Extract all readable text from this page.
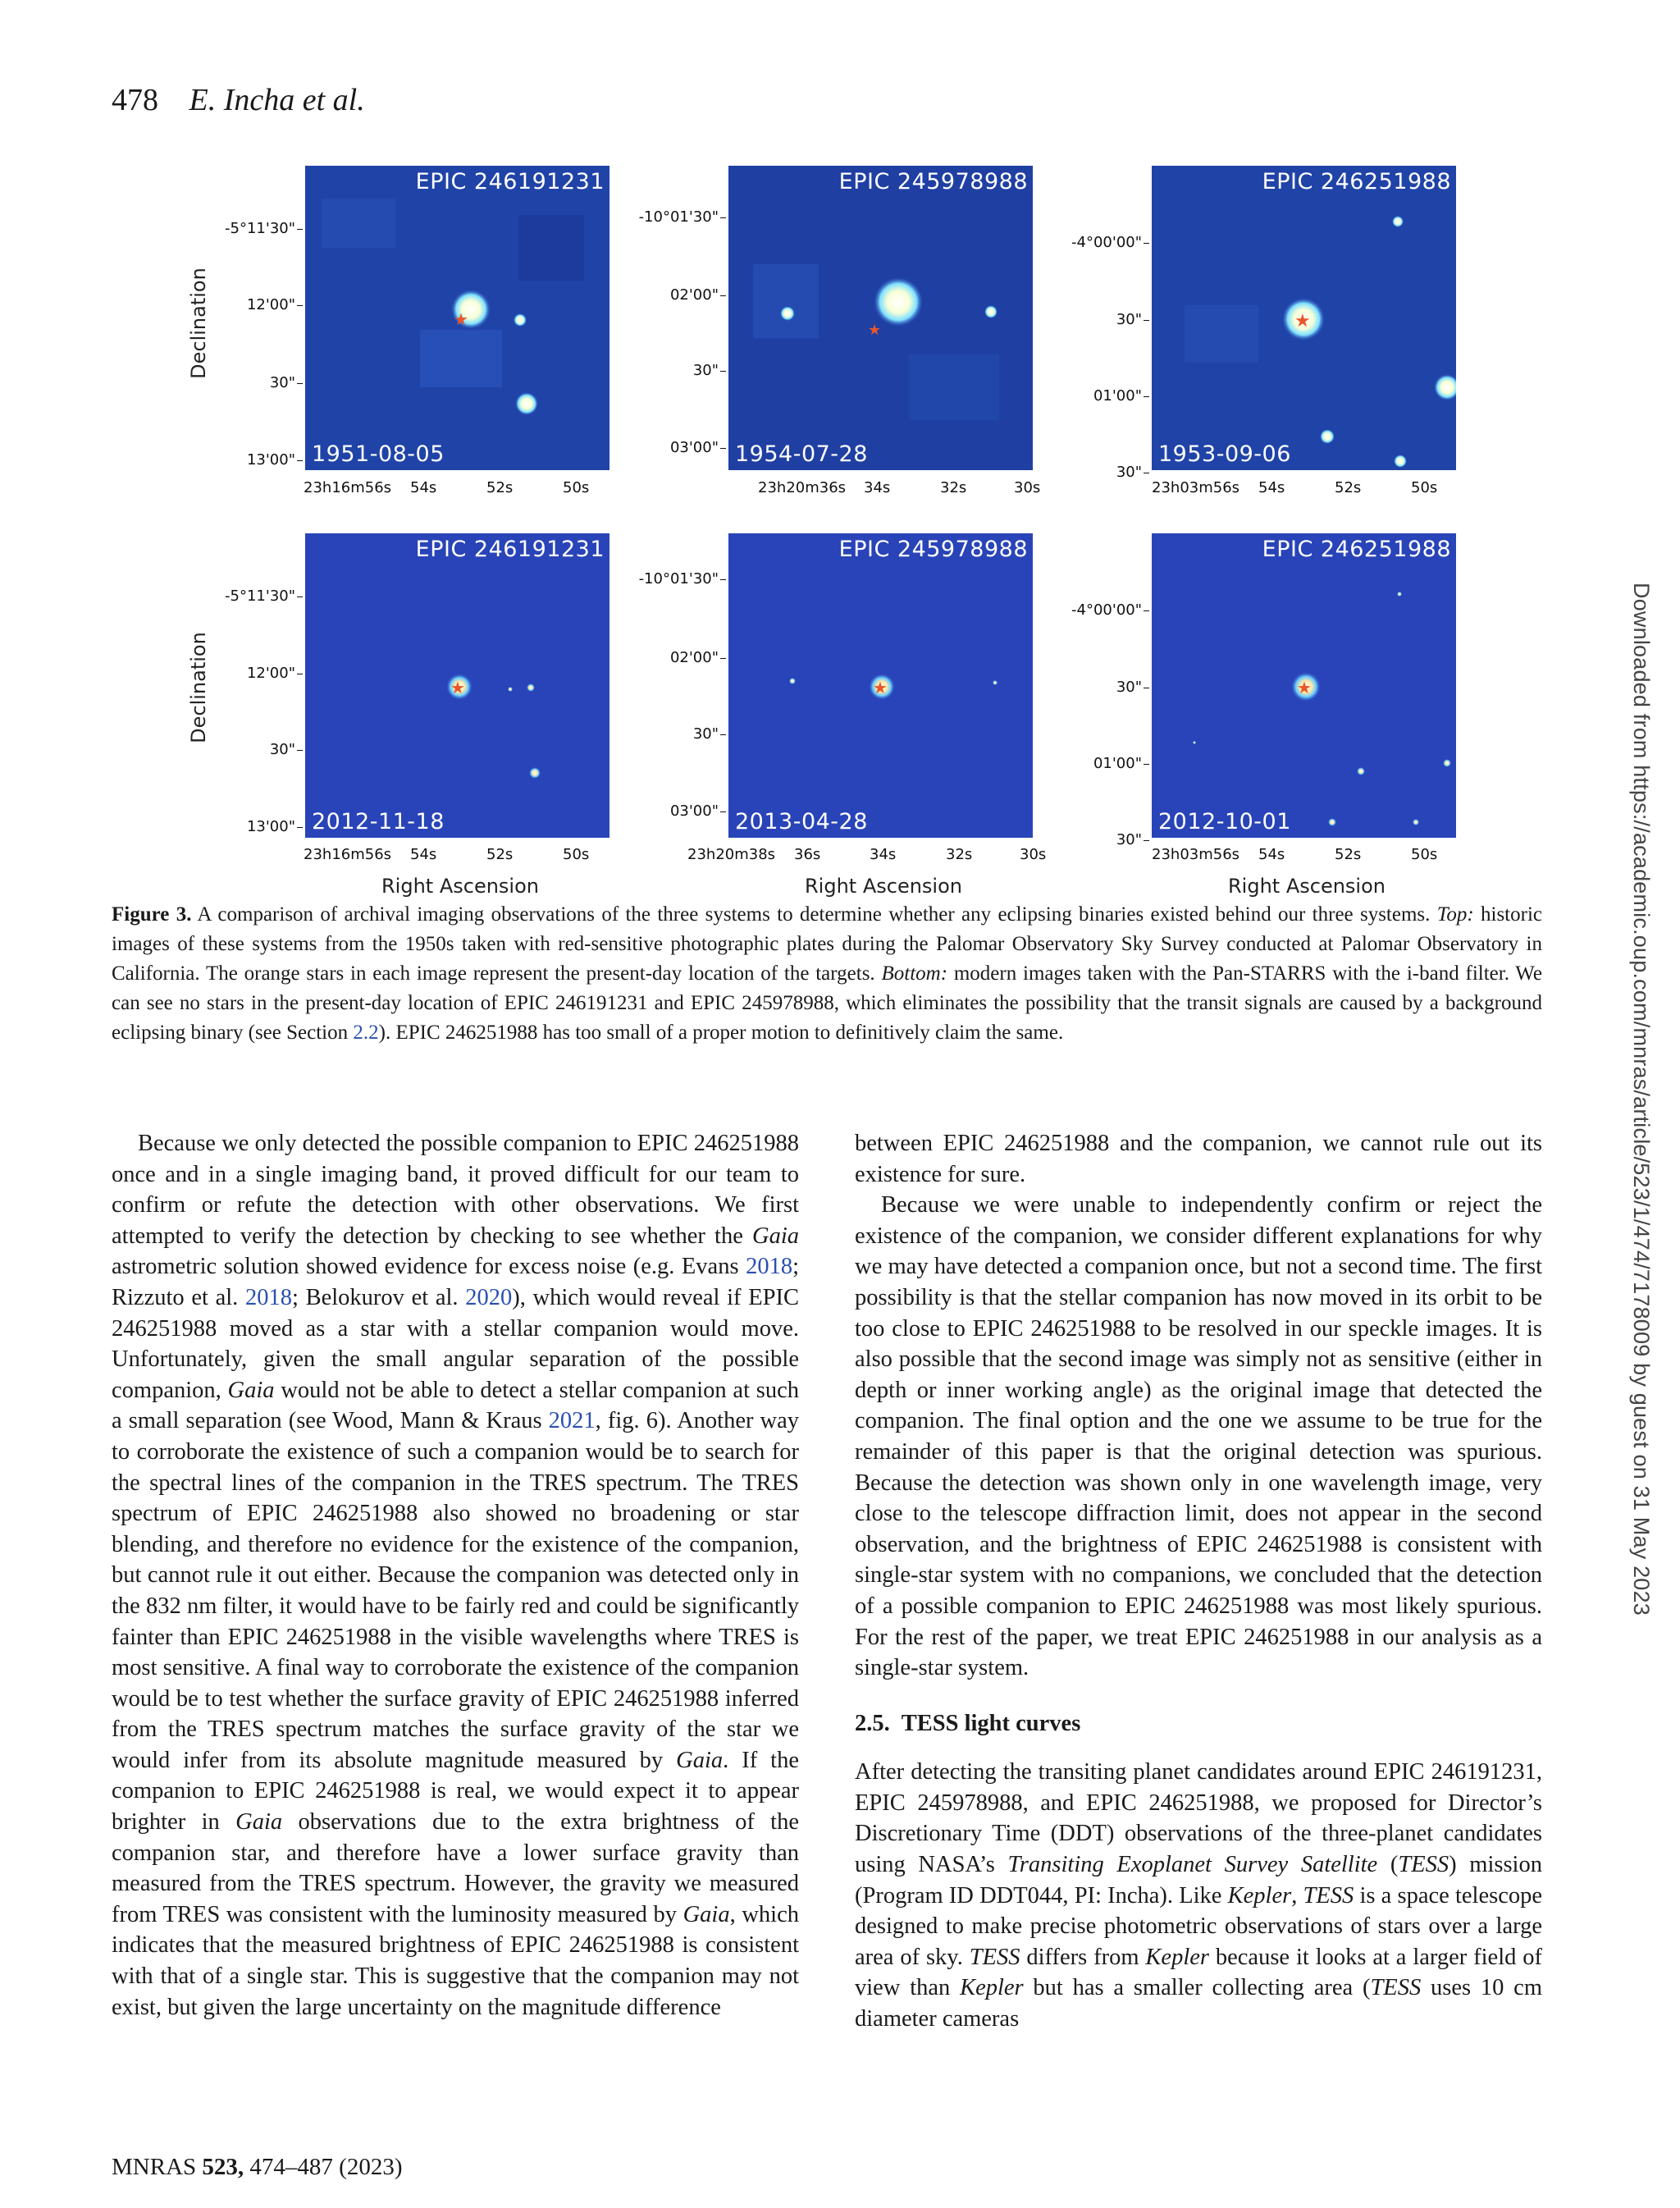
478 E. Incha et al.
Downloaded from https://academic.oup.com/mnras/article/523/1/474/7178009 by guest on 31 May 2023
★
EPIC 246191231
1951-08-05
★
EPIC 245978988
1954-07-28
★
EPIC 246251988
1953-09-06
★
EPIC 246191231
2012-11-18
★
EPIC 245978988
2013-04-28
★
EPIC 246251988
2012-10-01
-5°11'30"
12'00"
30"
13'00"
-10°01'30"
02'00"
30"
03'00"
-4°00'00"
30"
01'00"
30"
23h16m56s 54s	52s	50s	23h20m36s 34s	32s	30s	23h03m56s 54s	52s	50s
-5°11'30"
12'00"
30"
13'00"
-10°01'30"
02'00"
30"
03'00"
-4°00'00"
30"
01'00"
30"
23h16m56s 54s	52s	50s	23h20m38s 36s	34s	32s	30s	23h03m56s 54s	52s	50s
Declination
Declination
Right Ascension	Right Ascension	Right Ascension
Figure 3. A comparison of archival imaging observations of the three systems to determine whether any eclipsing binaries existed behind our three systems. Top: historic images of these systems from the 1950s taken with red-sensitive photographic plates during the Palomar Observatory Sky Survey conducted at Palomar Observatory in California. The orange stars in each image represent the present-day location of the targets. Bottom: modern images taken with the Pan-STARRS with the i-band filter. We can see no stars in the present-day location of EPIC 246191231 and EPIC 245978988, which eliminates the possibility that the transit signals are caused by a background eclipsing binary (see Section 2.2). EPIC 246251988 has too small of a proper motion to definitively claim the same.

Because we only detected the possible companion to EPIC 246251988 once and in a single imaging band, it proved difficult for our team to confirm or refute the detection with other observations. We first attempted to verify the detection by checking to see whether the Gaia astrometric solution showed evidence for excess noise (e.g. Evans 2018; Rizzuto et al. 2018; Belokurov et al. 2020), which would reveal if EPIC 246251988 moved as a star with a stellar companion would move. Unfortunately, given the small angular separation of the possible companion, Gaia would not be able to detect a stellar companion at such a small separation (see Wood, Mann & Kraus 2021, fig. 6). Another way to corroborate the existence of such a companion would be to search for the spectral lines of the companion in the TRES spectrum. The TRES spectrum of EPIC 246251988 also showed no broadening or star blending, and therefore no evidence for the existence of the companion, but cannot rule it out either. Because the companion was detected only in the 832 nm filter, it would have to be fairly red and could be significantly fainter than EPIC 246251988 in the visible wavelengths where TRES is most sensitive. A final way to corroborate the existence of the companion would be to test whether the surface gravity of EPIC 246251988 inferred from the TRES spectrum matches the surface gravity of the star we would infer from its absolute magnitude measured by Gaia. If the companion to EPIC 246251988 is real, we would expect it to appear brighter in Gaia observations due to the extra brightness of the companion star, and therefore have a lower surface gravity than measured from the TRES spectrum. However, the gravity we measured from TRES was consistent with the luminosity measured by Gaia, which indicates that the measured brightness of EPIC 246251988 is consistent with that of a single star. This is suggestive that the companion may not exist, but given the large uncertainty on the magnitude difference

between EPIC 246251988 and the companion, we cannot rule out its existence for sure.

Because we were unable to independently confirm or reject the existence of the companion, we consider different explanations for why we may have detected a companion once, but not a second time. The first possibility is that the stellar companion has now moved in its orbit to be too close to EPIC 246251988 to be resolved in our speckle images. It is also possible that the second image was simply not as sensitive (either in depth or inner working angle) as the original image that detected the companion. The final option and the one we assume to be true for the remainder of this paper is that the original detection was spurious. Because the detection was shown only in one wavelength image, very close to the telescope diffraction limit, does not appear in the second observation, and the brightness of EPIC 246251988 is consistent with single-star system with no companions, we concluded that the detection of a possible companion to EPIC 246251988 was most likely spurious. For the rest of the paper, we treat EPIC 246251988 in our analysis as a single-star system.

2.5. TESS light curves

After detecting the transiting planet candidates around EPIC 246191231, EPIC 245978988, and EPIC 246251988, we proposed for Director’s Discretionary Time (DDT) observations of the three-planet candidates using NASA’s Transiting Exoplanet Survey Satellite (TESS) mission (Program ID DDT044, PI: Incha). Like Kepler, TESS is a space telescope designed to make precise photometric observations of stars over a large area of sky. TESS differs from Kepler because it looks at a larger field of view than Kepler but has a smaller collecting area (TESS uses 10 cm diameter cameras

MNRAS 523, 474–487 (2023)
